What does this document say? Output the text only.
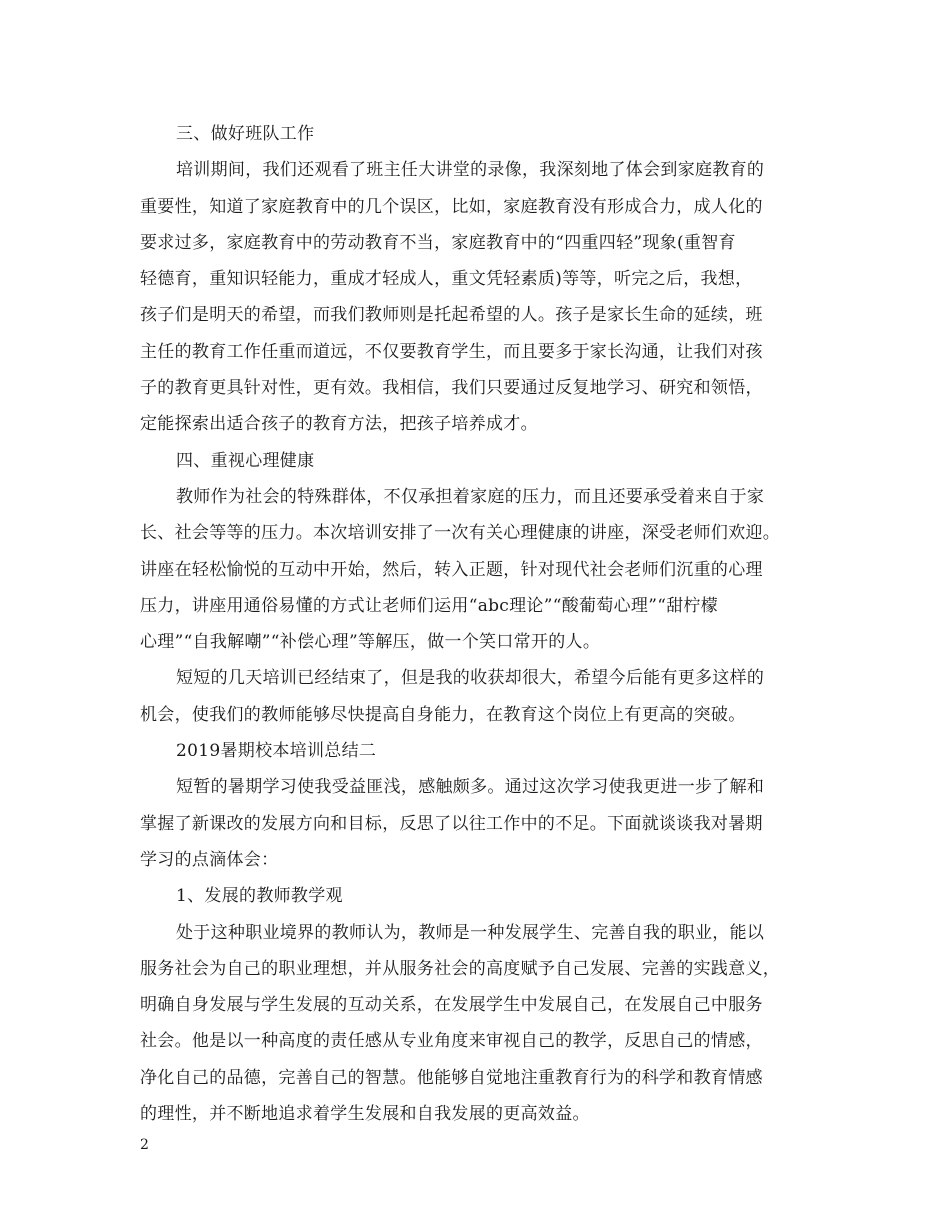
三、做好班队工作
培训期间，我们还观看了班主任大讲堂的录像，我深刻地了体会到家庭教育的
重要性，知道了家庭教育中的几个误区，比如，家庭教育没有形成合力，成人化的
要求过多，家庭教育中的劳动教育不当，家庭教育中的“四重四轻”现象(重智育
轻德育，重知识轻能力，重成才轻成人，重文凭轻素质)等等，听完之后，我想，
孩子们是明天的希望，而我们教师则是托起希望的人。孩子是家长生命的延续，班
主任的教育工作任重而道远，不仅要教育学生，而且要多于家长沟通，让我们对孩
子的教育更具针对性，更有效。我相信，我们只要通过反复地学习、研究和领悟，
定能探索出适合孩子的教育方法，把孩子培养成才。
四、重视心理健康
教师作为社会的特殊群体，不仅承担着家庭的压力，而且还要承受着来自于家
长、社会等等的压力。本次培训安排了一次有关心理健康的讲座，深受老师们欢迎。
讲座在轻松愉悦的互动中开始，然后，转入正题，针对现代社会老师们沉重的心理
压力，讲座用通俗易懂的方式让老师们运用“abc理论”“酸葡萄心理”“甜柠檬
心理”“自我解嘲”“补偿心理”等解压，做一个笑口常开的人。
短短的几天培训已经结束了，但是我的收获却很大，希望今后能有更多这样的
机会，使我们的教师能够尽快提高自身能力，在教育这个岗位上有更高的突破。
2019暑期校本培训总结二
短暂的暑期学习使我受益匪浅，感触颇多。通过这次学习使我更进一步了解和
掌握了新课改的发展方向和目标，反思了以往工作中的不足。下面就谈谈我对暑期
学习的点滴体会：
1、发展的教师教学观
处于这种职业境界的教师认为，教师是一种发展学生、完善自我的职业，能以
服务社会为自己的职业理想，并从服务社会的高度赋予自己发展、完善的实践意义，
明确自身发展与学生发展的互动关系，在发展学生中发展自己，在发展自己中服务
社会。他是以一种高度的责任感从专业角度来审视自己的教学，反思自己的情感，
净化自己的品德，完善自己的智慧。他能够自觉地注重教育行为的科学和教育情感
的理性，并不断地追求着学生发展和自我发展的更高效益。
2
